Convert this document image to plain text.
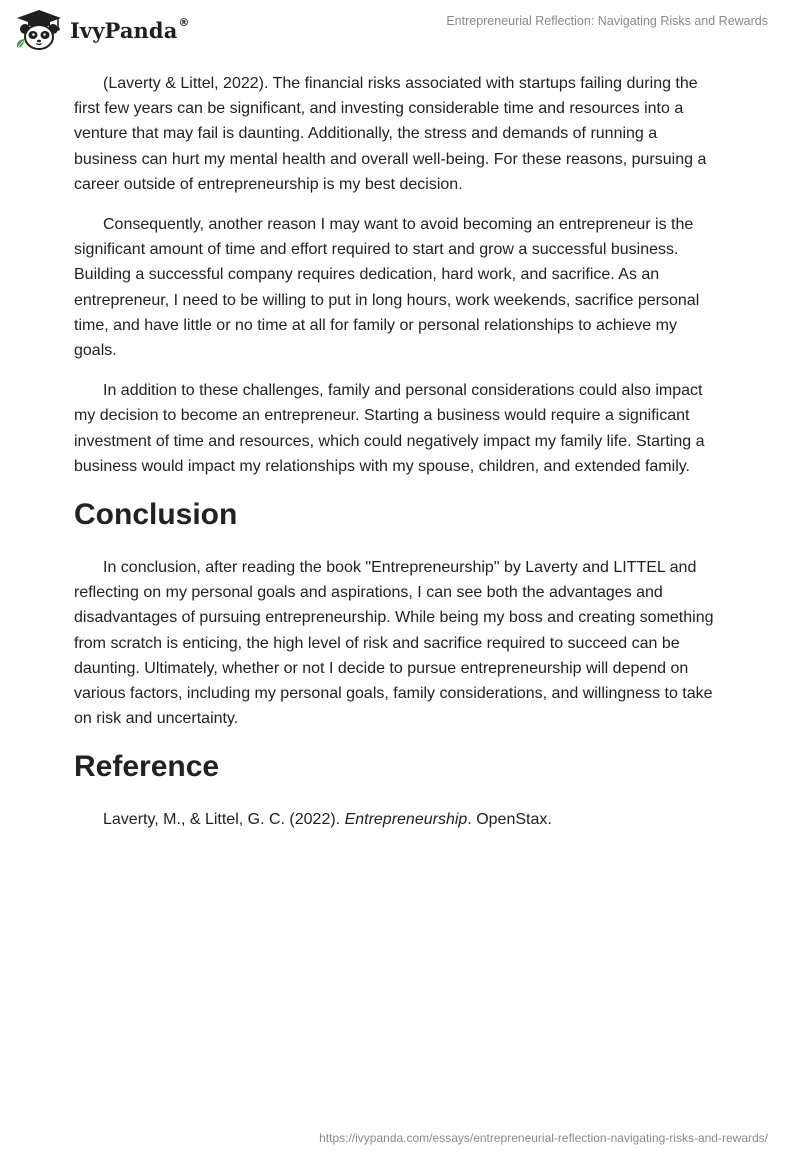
IvyPanda ®	Entrepreneurial Reflection: Navigating Risks and Rewards

(Laverty & Littel, 2022). The financial risks associated with startups failing during the first few years can be significant, and investing considerable time and resources into a venture that may fail is daunting. Additionally, the stress and demands of running a business can hurt my mental health and overall well-being. For these reasons, pursuing a career outside of entrepreneurship is my best decision.

Consequently, another reason I may want to avoid becoming an entrepreneur is the significant amount of time and effort required to start and grow a successful business. Building a successful company requires dedication, hard work, and sacrifice. As an entrepreneur, I need to be willing to put in long hours, work weekends, sacrifice personal time, and have little or no time at all for family or personal relationships to achieve my goals.

In addition to these challenges, family and personal considerations could also impact my decision to become an entrepreneur. Starting a business would require a significant investment of time and resources, which could negatively impact my family life. Starting a business would impact my relationships with my spouse, children, and extended family.

Conclusion

In conclusion, after reading the book "Entrepreneurship" by Laverty and LITTEL and reflecting on my personal goals and aspirations, I can see both the advantages and disadvantages of pursuing entrepreneurship. While being my boss and creating something from scratch is enticing, the high level of risk and sacrifice required to succeed can be daunting. Ultimately, whether or not I decide to pursue entrepreneurship will depend on various factors, including my personal goals, family considerations, and willingness to take on risk and uncertainty.

Reference

Laverty, M., & Littel, G. C. (2022). Entrepreneurship. OpenStax.

https://ivypanda.com/essays/entrepreneurial-reflection-navigating-risks-and-rewards/
